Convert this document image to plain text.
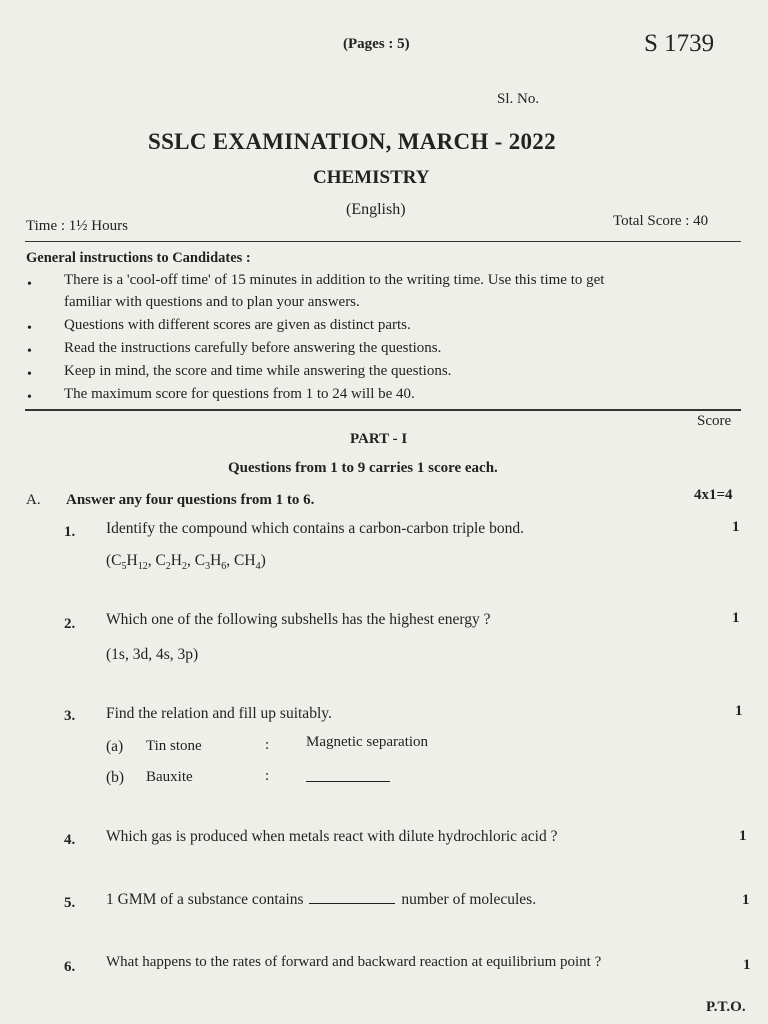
(Pages : 5)	S 1739
Sl. No.
SSLC EXAMINATION, MARCH - 2022
CHEMISTRY
(English)
Time : 1½ Hours	Total Score : 40
General instructions to Candidates :
• There is a 'cool-off time' of 15 minutes in addition to the writing time. Use this time to get
familiar with questions and to plan your answers.
• Questions with different scores are given as distinct parts.
• Read the instructions carefully before answering the questions.
• Keep in mind, the score and time while answering the questions.
• The maximum score for questions from 1 to 24 will be 40.
Score
PART - I
Questions from 1 to 9 carries 1 score each.
A. Answer any four questions from 1 to 6.	4x1=4
1. Identify the compound which contains a carbon-carbon triple bond.	1
($C_5H_{12}$, $C_2H_2$, $C_3H_6$, $CH_4$)
2. Which one of the following subshells has the highest energy ?	1
(1s, 3d, 4s, 3p)
3. Find the relation and fill up suitably.	1
(a) Tin stone	: Magnetic separation
(b) Bauxite	:
4. Which gas is produced when metals react with dilute hydrochloric acid ?	1
5. 1 GMM of a substance contains	number of molecules.	1
6. What happens to the rates of forward and backward reaction at equilibrium point ?	1
P.T.O.
